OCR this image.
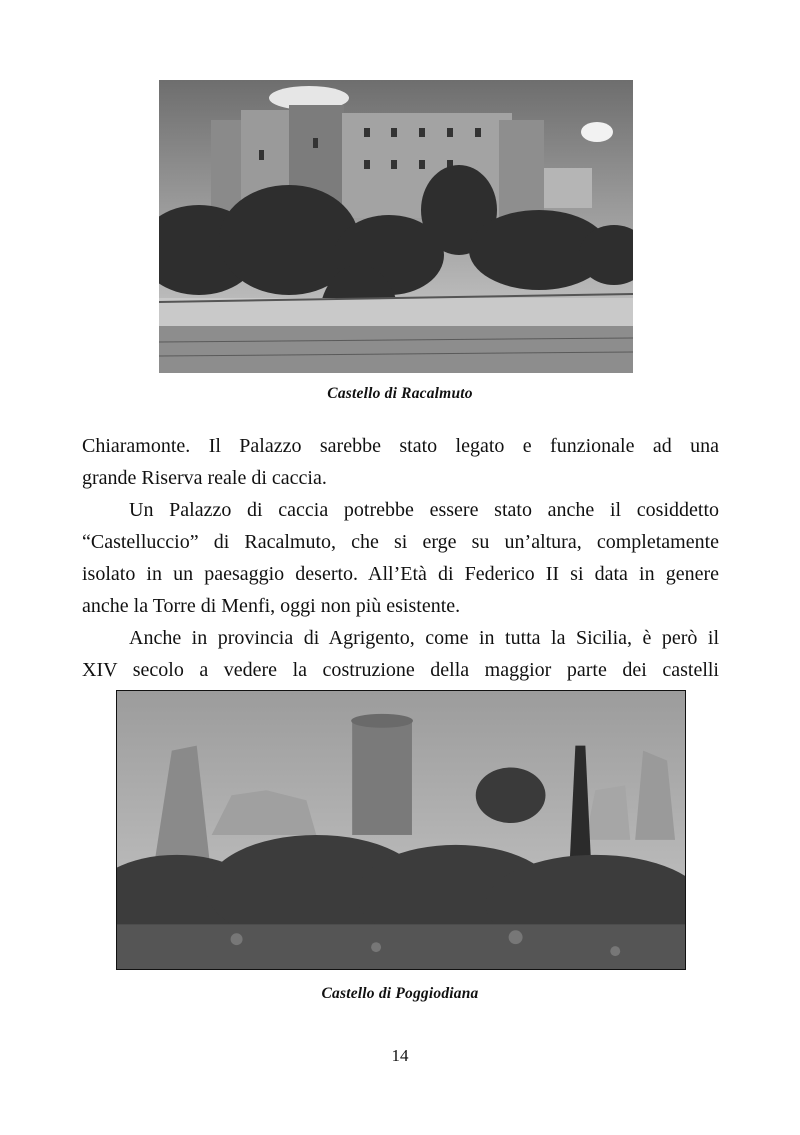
Castello di Racalmuto
Chiaramonte. Il Palazzo sarebbe stato legato e funzionale ad una
grande Riserva reale di caccia.
Un Palazzo di caccia potrebbe essere stato anche il cosiddetto
“Castelluccio” di Racalmuto, che si erge su un’altura, completamente
isolato in un paesaggio deserto. All’Età di Federico II si data in genere
anche la Torre di Menfi, oggi non più esistente.
Anche in provincia di Agrigento, come in tutta la Sicilia, è però il
XIV secolo a vedere la costruzione della maggior parte dei castelli
Castello di Poggiodiana
14
